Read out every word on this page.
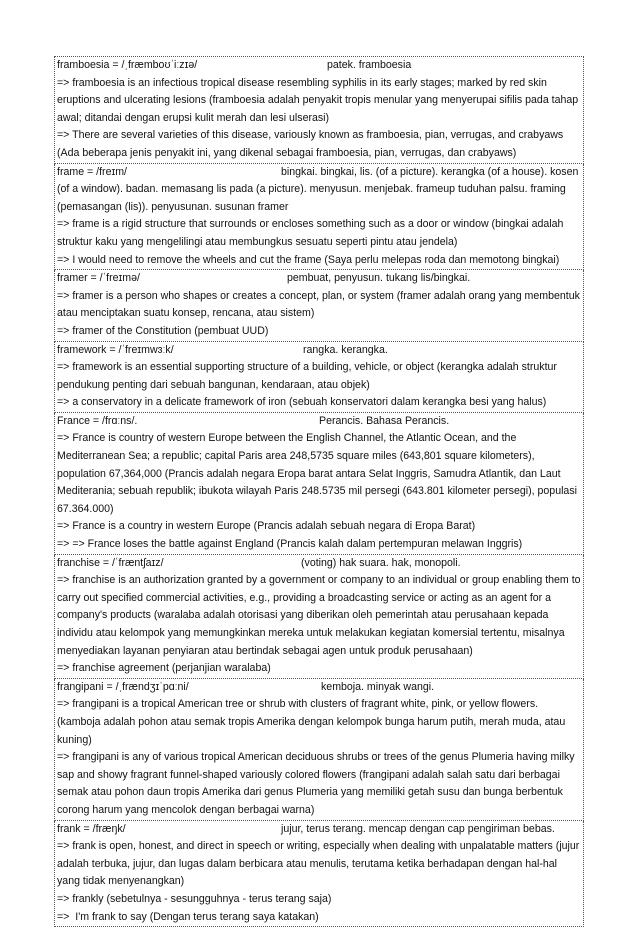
framboesia = /ˌfræmboʊˈiːzɪə/	patek. framboesia
=> framboesia is an infectious tropical disease resembling syphilis in its early stages; marked by red skin eruptions and ulcerating lesions (framboesia adalah penyakit tropis menular yang menyerupai sifilis pada tahap awal; ditandai dengan erupsi kulit merah dan lesi ulserasi)
=> There are several varieties of this disease, variously known as framboesia, pian, verrugas, and crabyaws (Ada beberapa jenis penyakit ini, yang dikenal sebagai framboesia, pian, verrugas, dan crabyaws)
frame = /freɪm/	bingkai. bingkai, lis. (of a picture). kerangka (of a house). kosen (of a window). badan. memasang lis pada (a picture). menyusun. menjebak. frameup tuduhan palsu. framing (pemasangan (lis)). penyusunan. susunan framer
=> frame is a rigid structure that surrounds or encloses something such as a door or window (bingkai adalah struktur kaku yang mengelilingi atau membungkus sesuatu seperti pintu atau jendela)
=> I would need to remove the wheels and cut the frame (Saya perlu melepas roda dan memotong bingkai)
framer = /ˈfreɪmə/	pembuat, penyusun. tukang lis/bingkai.
=> framer is a person who shapes or creates a concept, plan, or system (framer adalah orang yang membentuk atau menciptakan suatu konsep, rencana, atau sistem)
=> framer of the Constitution (pembuat UUD)
framework = /ˈfreɪmwɜːk/	rangka. kerangka.
=> framework is an essential supporting structure of a building, vehicle, or object (kerangka adalah struktur pendukung penting dari sebuah bangunan, kendaraan, atau objek)
=> a conservatory in a delicate framework of iron (sebuah konservatori dalam kerangka besi yang halus)
France = /frɑːns/.	Perancis. Bahasa Perancis.
=> France is country of western Europe between the English Channel, the Atlantic Ocean, and the Mediterranean Sea; a republic; capital Paris area 248,5735 square miles (643,801 square kilometers), population 67,364,000 (Prancis adalah negara Eropa barat antara Selat Inggris, Samudra Atlantik, dan Laut Mediterania; sebuah republik; ibukota wilayah Paris 248.5735 mil persegi (643.801 kilometer persegi), populasi 67.364.000)
=> France is a country in western Europe (Prancis adalah sebuah negara di Eropa Barat)
=> => France loses the battle against England (Prancis kalah dalam pertempuran melawan Inggris)
franchise = /ˈfræntʃaɪz/	(voting) hak suara. hak, monopoli.
=> franchise is an authorization granted by a government or company to an individual or group enabling them to carry out specified commercial activities, e.g., providing a broadcasting service or acting as an agent for a company's products (waralaba adalah otorisasi yang diberikan oleh pemerintah atau perusahaan kepada individu atau kelompok yang memungkinkan mereka untuk melakukan kegiatan komersial tertentu, misalnya menyediakan layanan penyiaran atau bertindak sebagai agen untuk produk perusahaan)
=> franchise agreement (perjanjian waralaba)
frangipani = /ˌfrændʒɪˈpɑːni/	kemboja. minyak wangi.
=> frangipani is a tropical American tree or shrub with clusters of fragrant white, pink, or yellow flowers. (kamboja adalah pohon atau semak tropis Amerika dengan kelompok bunga harum putih, merah muda, atau kuning)
=> frangipani is any of various tropical American deciduous shrubs or trees of the genus Plumeria having milky sap and showy fragrant funnel-shaped variously colored flowers (frangipani adalah salah satu dari berbagai semak atau pohon daun tropis Amerika dari genus Plumeria yang memiliki getah susu dan bunga berbentuk corong harum yang mencolok dengan berbagai warna)
frank = /fræŋk/	jujur, terus terang. mencap dengan cap pengiriman bebas.
=> frank is open, honest, and direct in speech or writing, especially when dealing with unpalatable matters (jujur adalah terbuka, jujur, dan lugas dalam berbicara atau menulis, terutama ketika berhadapan dengan hal-hal yang tidak menyenangkan)
=> frankly (sebetulnya - sesungguhnya - terus terang saja)
=>  I'm frank to say (Dengan terus terang saya katakan)
